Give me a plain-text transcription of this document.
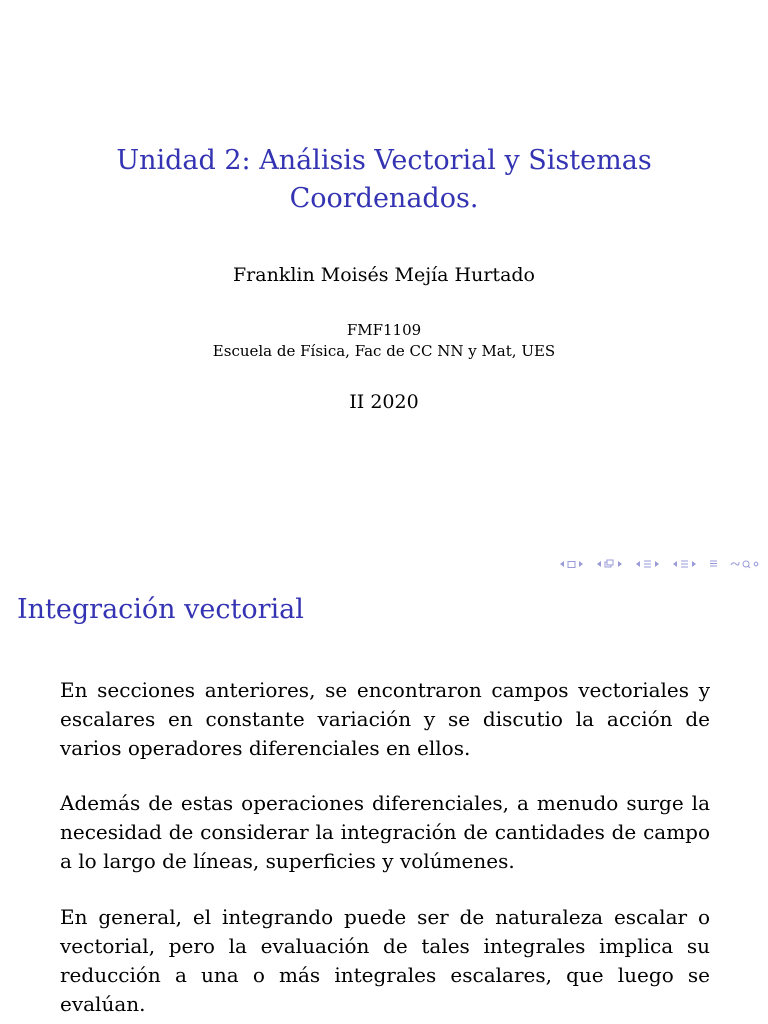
Unidad 2: Análisis Vectorial y Sistemas
Coordenados.
Franklin Moisés Mejía Hurtado
FMF1109
Escuela de Física, Fac de CC NN y Mat, UES
II 2020
Integración vectorial

En secciones anteriores, se encontraron campos vectoriales y escalares en constante variación y se discutio la acción de varios operadores diferenciales en ellos.

Además de estas operaciones diferenciales, a menudo surge la necesidad de considerar la integración de cantidades de campo a lo largo de líneas, superficies y volúmenes.

En general, el integrando puede ser de naturaleza escalar o vectorial, pero la evaluación de tales integrales implica su reducción a una o más integrales escalares, que luego se evalúan.
